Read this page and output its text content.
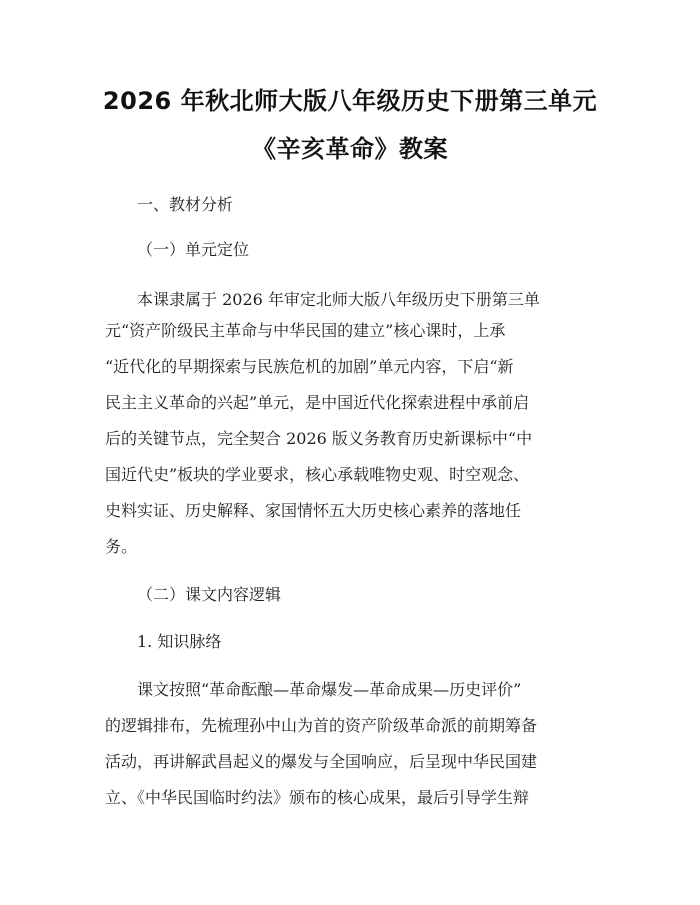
2026 年秋北师大版八年级历史下册第三单元
《辛亥革命》教案
一、教材分析
（一）单元定位
本课隶属于 2026 年审定北师大版八年级历史下册第三单
元“资产阶级民主革命与中华民国的建立”核心课时，上承
“近代化的早期探索与民族危机的加剧”单元内容，下启“新
民主主义革命的兴起”单元，是中国近代化探索进程中承前启
后的关键节点，完全契合 2026 版义务教育历史新课标中“中
国近代史”板块的学业要求，核心承载唯物史观、时空观念、
史料实证、历史解释、家国情怀五大历史核心素养的落地任
务。
（二）课文内容逻辑
1. 知识脉络
课文按照“革命酝酿—革命爆发—革命成果—历史评价”
的逻辑排布，先梳理孙中山为首的资产阶级革命派的前期筹备
活动，再讲解武昌起义的爆发与全国响应，后呈现中华民国建
立、《中华民国临时约法》颁布的核心成果，最后引导学生辩
